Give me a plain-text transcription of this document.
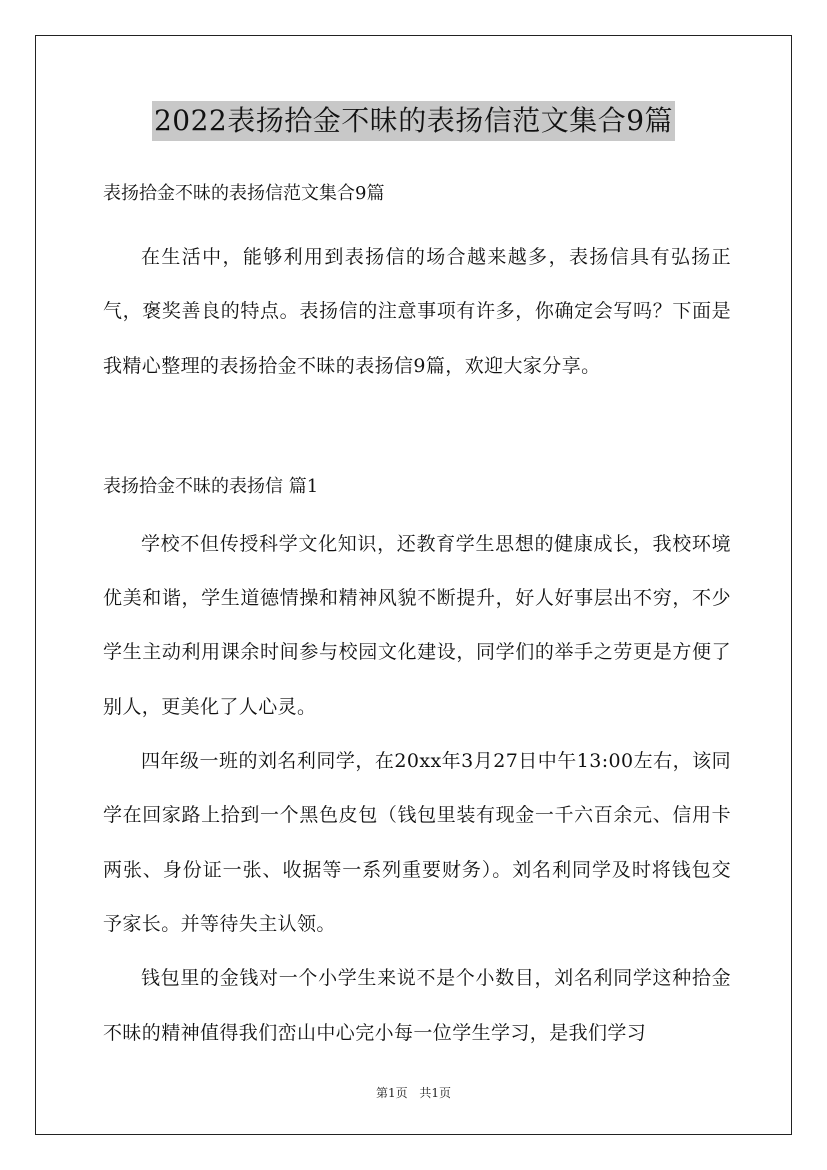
2022表扬拾金不昧的表扬信范文集合9篇

表扬拾金不昧的表扬信范文集合9篇

在生活中，能够利用到表扬信的场合越来越多，表扬信具有弘扬正气，褒奖善良的特点。表扬信的注意事项有许多，你确定会写吗？下面是我精心整理的表扬拾金不昧的表扬信9篇，欢迎大家分享。

表扬拾金不昧的表扬信 篇1

学校不但传授科学文化知识，还教育学生思想的健康成长，我校环境优美和谐，学生道德情操和精神风貌不断提升，好人好事层出不穷，不少学生主动利用课余时间参与校园文化建设，同学们的举手之劳更是方便了别人，更美化了人心灵。

四年级一班的刘名利同学，在20xx年3月27日中午13:00左右，该同学在回家路上拾到一个黑色皮包（钱包里装有现金一千六百余元、信用卡两张、身份证一张、收据等一系列重要财务）。刘名利同学及时将钱包交予家长。并等待失主认领。

钱包里的金钱对一个小学生来说不是个小数目，刘名利同学这种拾金不昧的精神值得我们峦山中心完小每一位学生学习，是我们学习

第1页 共1页
